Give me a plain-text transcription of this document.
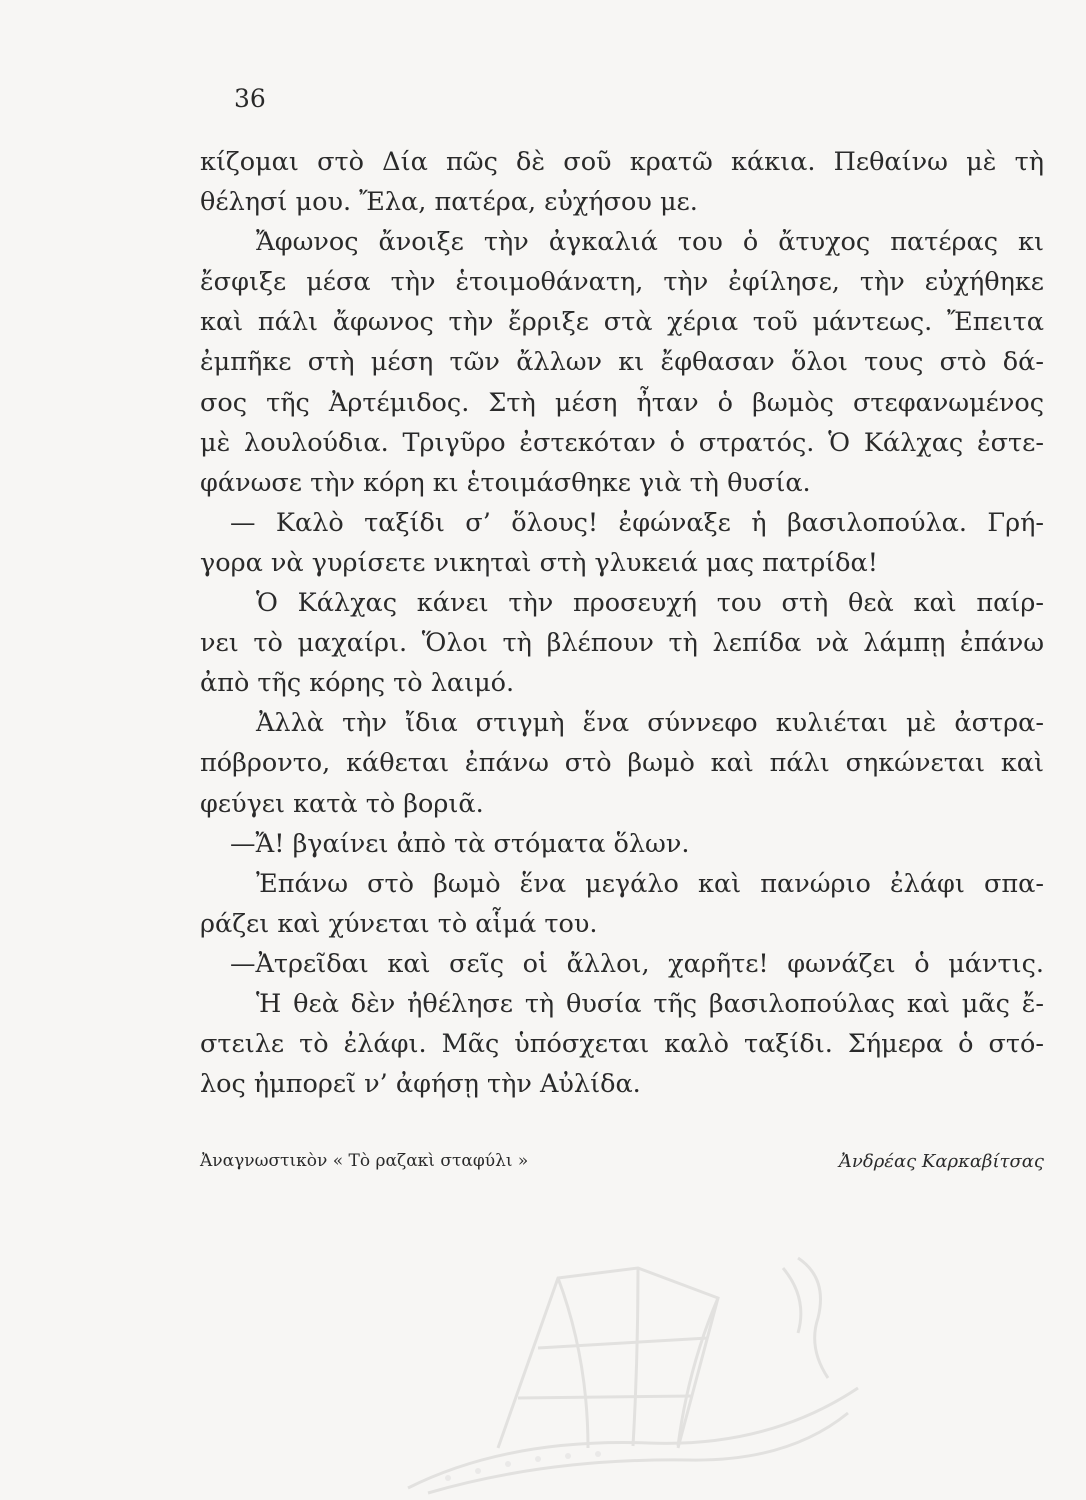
36
κίζομαι στὸ Δία πῶς δὲ σοῦ κρατῶ κάκια. Πεθαίνω μὲ τὴ
θέλησί μου. Ἔλα, πατέρα, εὐχήσου με.
Ἄφωνος ἄνοιξε τὴν ἀγκαλιά του ὁ ἄτυχος πατέρας κι
ἔσφιξε μέσα τὴν ἑτοιμοθάνατη, τὴν ἐφίλησε, τὴν εὐχήθηκε
καὶ πάλι ἄφωνος τὴν ἔρριξε στὰ χέρια τοῦ μάντεως. Ἔπειτα
ἐμπῆκε στὴ μέση τῶν ἄλλων κι ἔφθασαν ὅλοι τους στὸ δά-
σος τῆς Ἀρτέμιδος. Στὴ μέση ἦταν ὁ βωμὸς στεφανωμένος
μὲ λουλούδια. Τριγῦρο ἐστεκόταν ὁ στρατός. Ὁ Κάλχας ἐστε-
φάνωσε τὴν κόρη κι ἑτοιμάσθηκε γιὰ τὴ θυσία.
— Καλὸ ταξίδι σ’ ὅλους! ἐφώναξε ἡ βασιλοπούλα. Γρή-
γορα νὰ γυρίσετε νικηταὶ στὴ γλυκειά μας πατρίδα!
Ὁ Κάλχας κάνει τὴν προσευχή του στὴ θεὰ καὶ παίρ-
νει τὸ μαχαίρι. Ὅλοι τὴ βλέπουν τὴ λεπίδα νὰ λάμπῃ ἐπάνω
ἀπὸ τῆς κόρης τὸ λαιμό.
Ἀλλὰ τὴν ἴδια στιγμὴ ἕνα σύννεφο κυλιέται μὲ ἀστρα-
πόβροντο, κάθεται ἐπάνω στὸ βωμὸ καὶ πάλι σηκώνεται καὶ
φεύγει κατὰ τὸ βοριᾶ.
—Ἄ! βγαίνει ἀπὸ τὰ στόματα ὅλων.
Ἐπάνω στὸ βωμὸ ἕνα μεγάλο καὶ πανώριο ἐλάφι σπα-
ράζει καὶ χύνεται τὸ αἷμά του.
—Ἀτρεῖδαι καὶ σεῖς οἱ ἄλλοι, χαρῆτε! φωνάζει ὁ μάντις.
Ἡ θεὰ δὲν ἠθέλησε τὴ θυσία τῆς βασιλοπούλας καὶ μᾶς ἔ-
στειλε τὸ ἐλάφι. Μᾶς ὑπόσχεται καλὸ ταξίδι. Σήμερα ὁ στό-
λος ἠμπορεῖ ν’ ἀφήσῃ τὴν Αὐλίδα.
Ἀναγνωστικὸν « Τὸ ραζακὶ σταφύλι »	Ἀνδρέας Καρκαβίτσας
